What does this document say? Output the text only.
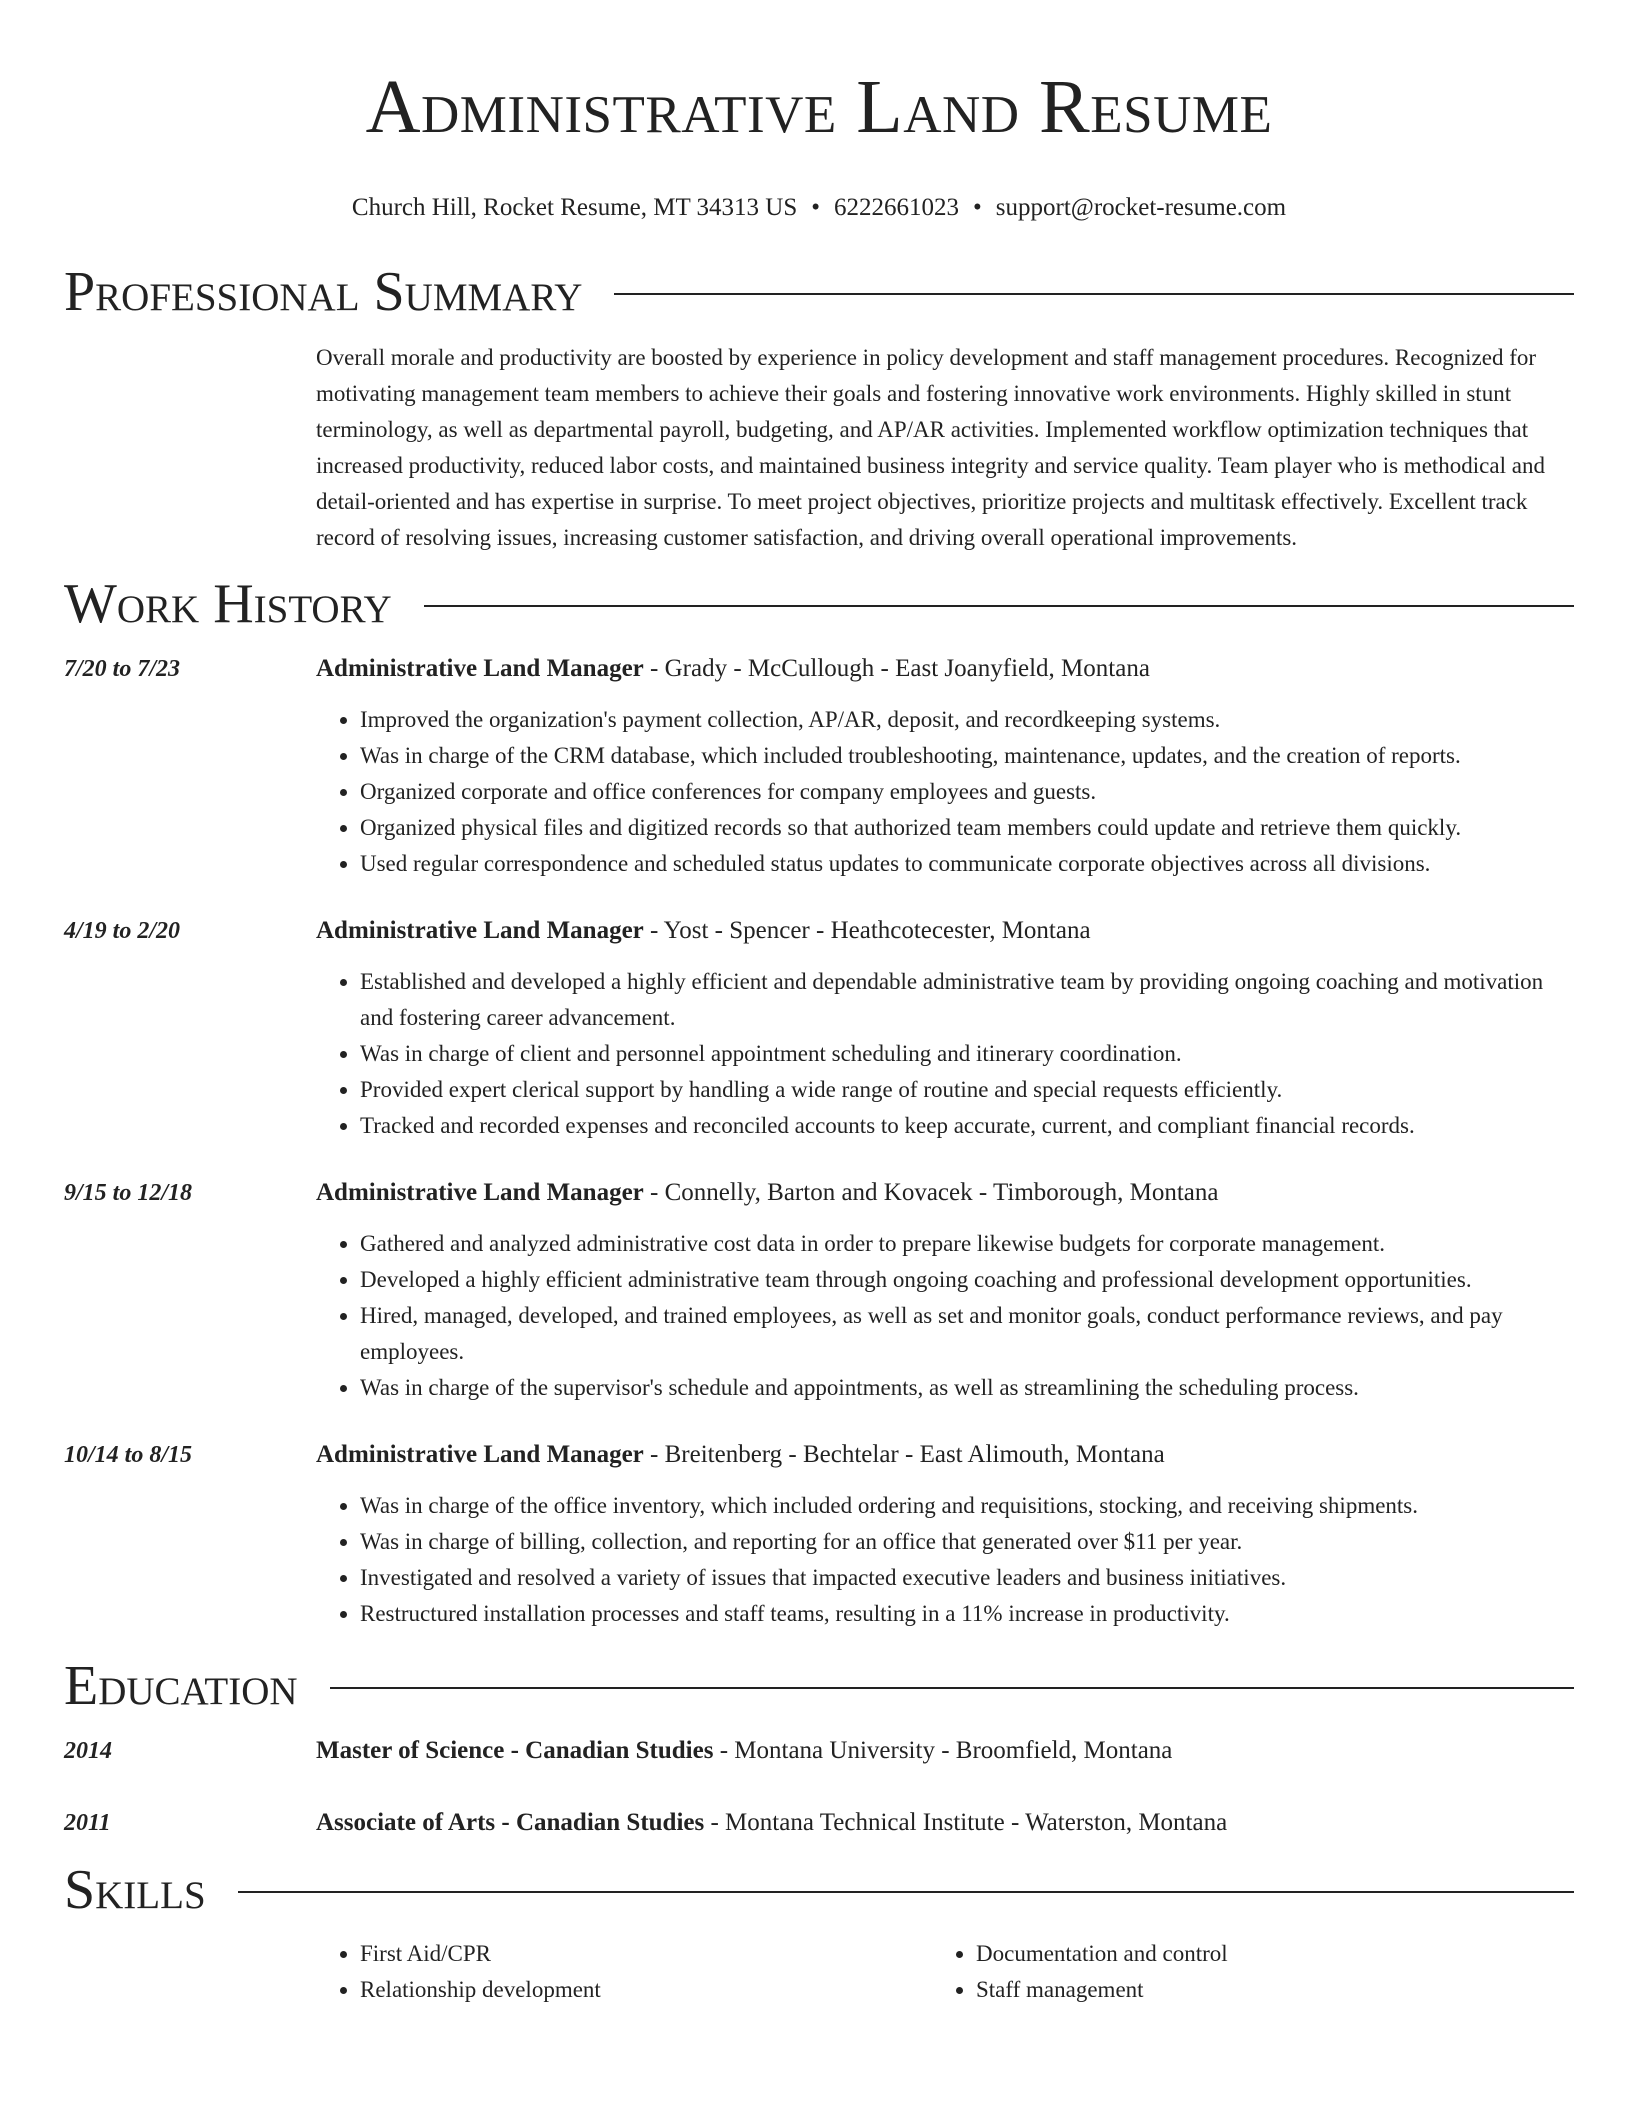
Administrative Land Resume
Church Hill, Rocket Resume, MT 34313 US • 6222661023 • support@rocket-resume.com
Professional Summary

Overall morale and productivity are boosted by experience in policy development and staff management procedures. Recognized for motivating management team members to achieve their goals and fostering innovative work environments. Highly skilled in stunt terminology, as well as departmental payroll, budgeting, and AP/AR activities. Implemented workflow optimization techniques that increased productivity, reduced labor costs, and maintained business integrity and service quality. Team player who is methodical and detail-oriented and has expertise in surprise. To meet project objectives, prioritize projects and multitask effectively. Excellent track record of resolving issues, increasing customer satisfaction, and driving overall operational improvements.

Work History
7/20 to 7/23	Administrative Land Manager - Grady - McCullough - East Joanyfield, Montana
• Improved the organization's payment collection, AP/AR, deposit, and recordkeeping systems.
• Was in charge of the CRM database, which included troubleshooting, maintenance, updates, and the creation of reports.
• Organized corporate and office conferences for company employees and guests.
• Organized physical files and digitized records so that authorized team members could update and retrieve them quickly.
• Used regular correspondence and scheduled status updates to communicate corporate objectives across all divisions.
4/19 to 2/20	Administrative Land Manager - Yost - Spencer - Heathcotecester, Montana
• Established and developed a highly efficient and dependable administrative team by providing ongoing coaching and motivation and fostering career advancement.
• Was in charge of client and personnel appointment scheduling and itinerary coordination.
• Provided expert clerical support by handling a wide range of routine and special requests efficiently.
• Tracked and recorded expenses and reconciled accounts to keep accurate, current, and compliant financial records.
9/15 to 12/18	Administrative Land Manager - Connelly, Barton and Kovacek - Timborough, Montana
• Gathered and analyzed administrative cost data in order to prepare likewise budgets for corporate management.
• Developed a highly efficient administrative team through ongoing coaching and professional development opportunities.
• Hired, managed, developed, and trained employees, as well as set and monitor goals, conduct performance reviews, and pay employees.
• Was in charge of the supervisor's schedule and appointments, as well as streamlining the scheduling process.
10/14 to 8/15	Administrative Land Manager - Breitenberg - Bechtelar - East Alimouth, Montana
• Was in charge of the office inventory, which included ordering and requisitions, stocking, and receiving shipments.
• Was in charge of billing, collection, and reporting for an office that generated over $11 per year.
• Investigated and resolved a variety of issues that impacted executive leaders and business initiatives.
• Restructured installation processes and staff teams, resulting in a 11% increase in productivity.
Education
2014	Master of Science - Canadian Studies - Montana University - Broomfield, Montana
2011	Associate of Arts - Canadian Studies - Montana Technical Institute - Waterston, Montana
Skills
• First Aid/CPR
• Relationship development
• Documentation and control
• Staff management
